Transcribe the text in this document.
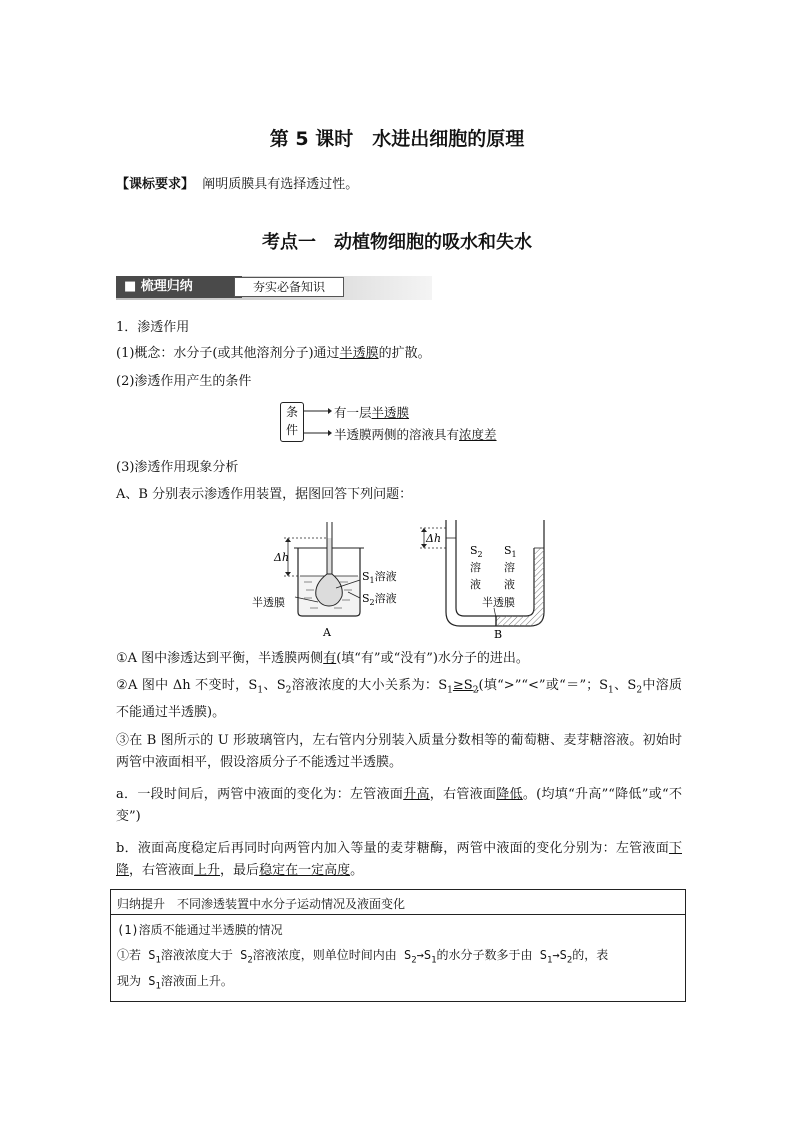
第 5 课时　水进出细胞的原理
【课标要求】 阐明质膜具有选择透过性。
考点一　动植物细胞的吸水和失水
■ 梳理归纳	夯实必备知识
1．渗透作用
(1)概念：水分子(或其他溶剂分子)通过半透膜的扩散。
(2)渗透作用产生的条件
条件
有一层半透膜
半透膜两侧的溶液具有浓度差
(3)渗透作用现象分析
A、B 分别表示渗透作用装置，据图回答下列问题：
Δh
$S_1$溶液
$S_2$溶液
半透膜
A
Δh
$S_2$ $S_1$
溶 溶
液 液
半透膜
B
①A 图中渗透达到平衡，半透膜两侧有(填“有”或“没有”)水分子的进出。
②A 图中 Δh 不变时，$S_1$、$S_2$溶液浓度的大小关系为：$S_1\ge S_2$(填“>”“<”或“＝”；$S_1$、$S_2$中溶质不能通过半透膜)。
③在 B 图所示的 U 形玻璃管内，左右管内分别装入质量分数相等的葡萄糖、麦芽糖溶液。初始时两管中液面相平，假设溶质分子不能透过半透膜。
a．一段时间后，两管中液面的变化为：左管液面升高，右管液面降低。(均填“升高”“降低”或“不变”)
b．液面高度稳定后再同时向两管内加入等量的麦芽糖酶，两管中液面的变化分别为：左管液面下降，右管液面上升，最后稳定在一定高度。
归纳提升　不同渗透装置中水分子运动情况及液面变化
(1)溶质不能通过半透膜的情况
①若 $S_1$溶液浓度大于 $S_2$溶液浓度，则单位时间内由 $S_2\to S_1$的水分子数多于由 $S_1\to S_2$的，表
现为 $S_1$溶液面上升。
